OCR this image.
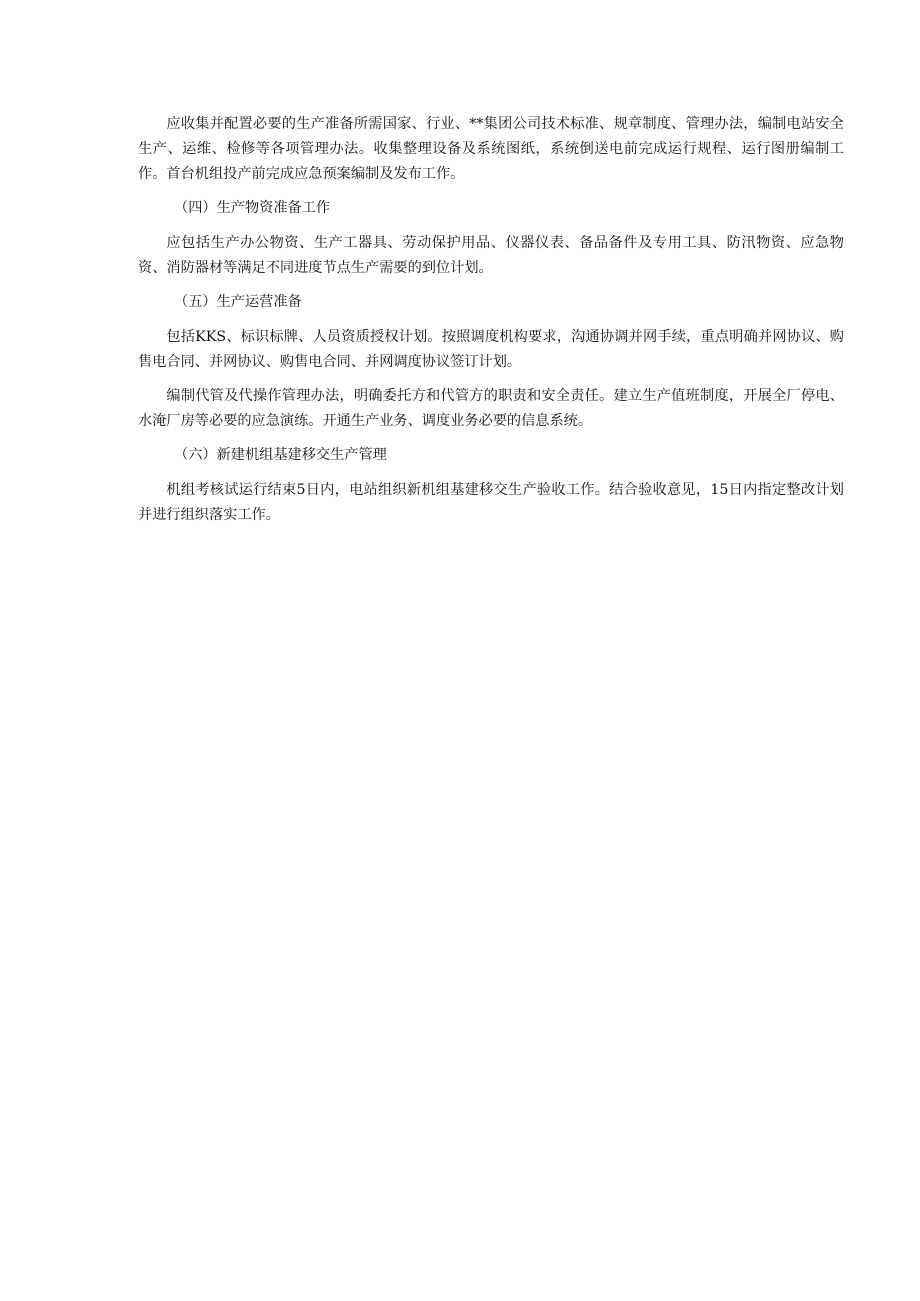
应收集并配置必要的生产准备所需国家、行业、**集团公司技术标准、规章制度、管理办法，编制电站安全生产、运维、检修等各项管理办法。收集整理设备及系统图纸，系统倒送电前完成运行规程、运行图册编制工作。首台机组投产前完成应急预案编制及发布工作。

（四）生产物资准备工作

应包括生产办公物资、生产工器具、劳动保护用品、仪器仪表、备品备件及专用工具、防汛物资、应急物资、消防器材等满足不同进度节点生产需要的到位计划。

（五）生产运营准备

包括KKS、标识标牌、人员资质授权计划。按照调度机构要求，沟通协调并网手续，重点明确并网协议、购售电合同、并网协议、购售电合同、并网调度协议签订计划。

编制代管及代操作管理办法，明确委托方和代管方的职责和安全责任。建立生产值班制度，开展全厂停电、水淹厂房等必要的应急演练。开通生产业务、调度业务必要的信息系统。

（六）新建机组基建移交生产管理

机组考核试运行结束5日内，电站组织新机组基建移交生产验收工作。结合验收意见，15日内指定整改计划并进行组织落实工作。
